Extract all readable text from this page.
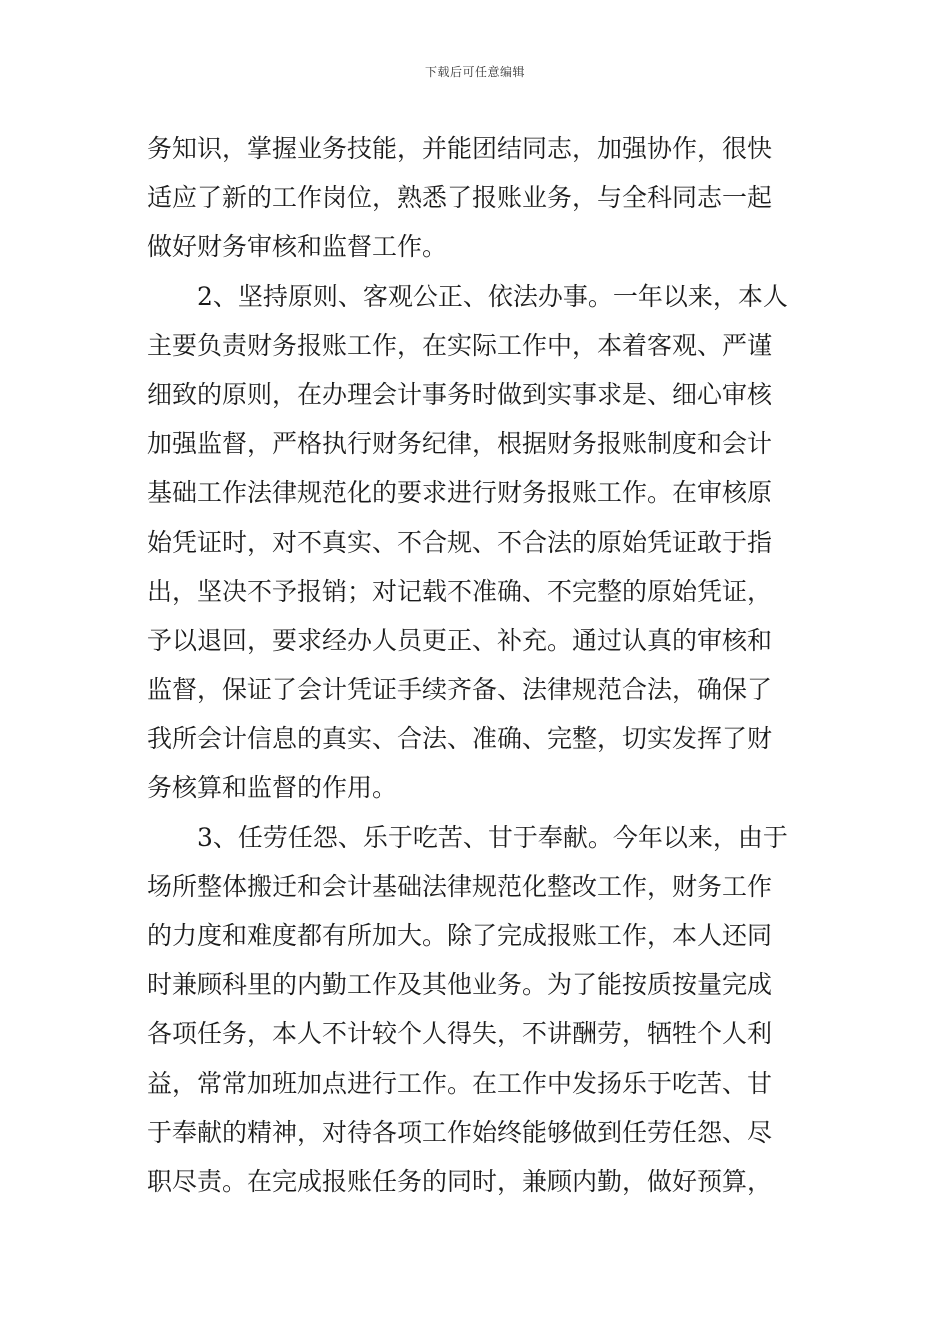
下载后可任意编辑
务知识，掌握业务技能，并能团结同志，加强协作，很快
适应了新的工作岗位，熟悉了报账业务，与全科同志一起
做好财务审核和监督工作。
2、坚持原则、客观公正、依法办事。一年以来，本人
主要负责财务报账工作，在实际工作中，本着客观、严谨
细致的原则，在办理会计事务时做到实事求是、细心审核
加强监督，严格执行财务纪律，根据财务报账制度和会计
基础工作法律规范化的要求进行财务报账工作。在审核原
始凭证时，对不真实、不合规、不合法的原始凭证敢于指
出，坚决不予报销；对记载不准确、不完整的原始凭证，
予以退回，要求经办人员更正、补充。通过认真的审核和
监督，保证了会计凭证手续齐备、法律规范合法，确保了
我所会计信息的真实、合法、准确、完整，切实发挥了财
务核算和监督的作用。
3、任劳任怨、乐于吃苦、甘于奉献。今年以来，由于
场所整体搬迁和会计基础法律规范化整改工作，财务工作
的力度和难度都有所加大。除了完成报账工作，本人还同
时兼顾科里的内勤工作及其他业务。为了能按质按量完成
各项任务，本人不计较个人得失，不讲酬劳，牺牲个人利
益，常常加班加点进行工作。在工作中发扬乐于吃苦、甘
于奉献的精神，对待各项工作始终能够做到任劳任怨、尽
职尽责。在完成报账任务的同时，兼顾内勤，做好预算，
